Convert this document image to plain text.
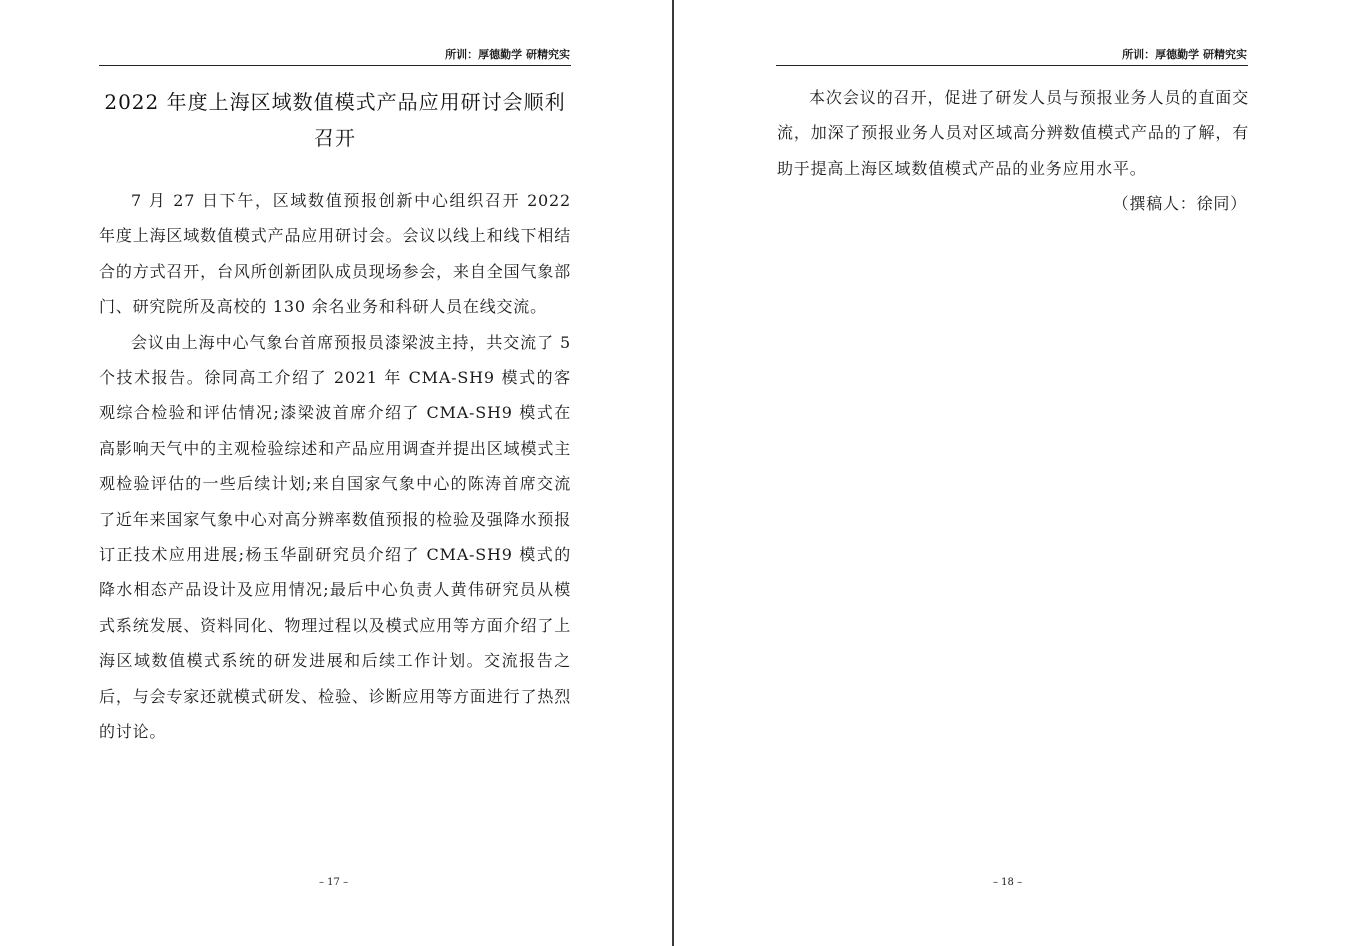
所训：厚德勤学 研精究实
2022 年度上海区域数值模式产品应用研讨会顺利召开

7 月 27 日下午，区域数值预报创新中心组织召开 2022 年度上海区域数值模式产品应用研讨会。会议以线上和线下相结合的方式召开，台风所创新团队成员现场参会，来自全国气象部门、研究院所及高校的 130 余名业务和科研人员在线交流。

会议由上海中心气象台首席预报员漆梁波主持，共交流了 5 个技术报告。徐同高工介绍了 2021 年 CMA-SH9 模式的客观综合检验和评估情况;漆梁波首席介绍了 CMA-SH9 模式在高影响天气中的主观检验综述和产品应用调查并提出区域模式主观检验评估的一些后续计划;来自国家气象中心的陈涛首席交流了近年来国家气象中心对高分辨率数值预报的检验及强降水预报订正技术应用进展;杨玉华副研究员介绍了 CMA-SH9 模式的降水相态产品设计及应用情况;最后中心负责人黄伟研究员从模式系统发展、资料同化、物理过程以及模式应用等方面介绍了上海区域数值模式系统的研发进展和后续工作计划。交流报告之后，与会专家还就模式研发、检验、诊断应用等方面进行了热烈的讨论。

– 17 –
所训：厚德勤学 研精究实

本次会议的召开，促进了研发人员与预报业务人员的直面交流，加深了预报业务人员对区域高分辨数值模式产品的了解，有助于提高上海区域数值模式产品的业务应用水平。

（撰稿人：徐同）

– 18 –
